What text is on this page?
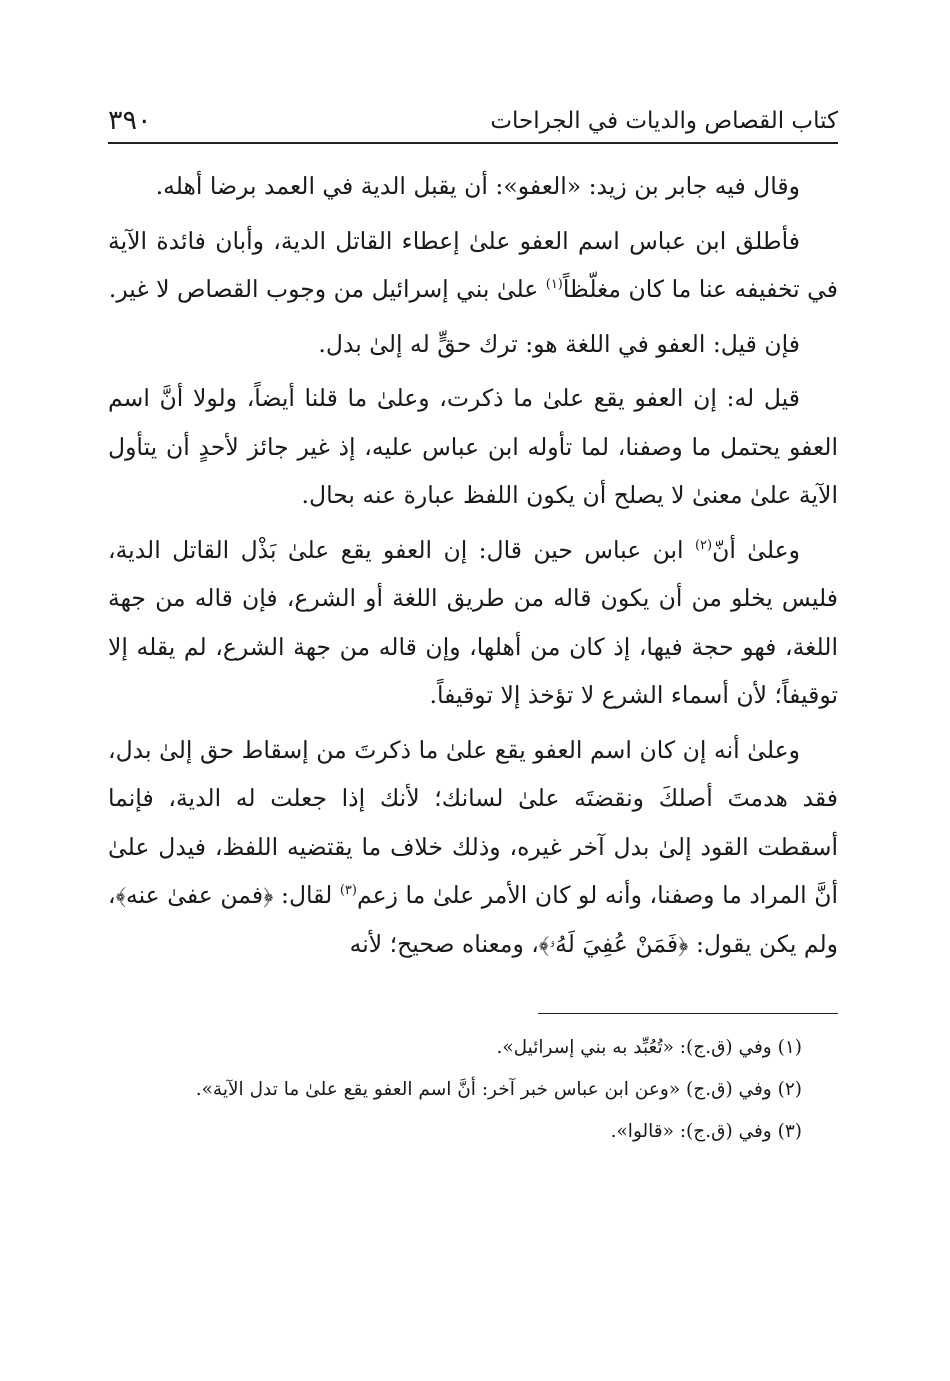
كتاب القصاص والديات في الجراحات
٣٩٠

وقال فيه جابر بن زيد: «العفو»: أن يقبل الدية في العمد برضا أهله.

فأطلق ابن عباس اسم العفو علىٰ إعطاء القاتل الدية، وأبان فائدة الآية في تخفيفه عنا ما كان مغلّظاً$^{(١)}$ علىٰ بني إسرائيل من وجوب القصاص لا غير.

فإن قيل: العفو في اللغة هو: ترك حقٍّ له إلىٰ بدل.

قيل له: إن العفو يقع علىٰ ما ذكرت، وعلىٰ ما قلنا أيضاً، ولولا أنَّ اسم العفو يحتمل ما وصفنا، لما تأوله ابن عباس عليه، إذ غير جائز لأحدٍ أن يتأول الآية علىٰ معنىٰ لا يصلح أن يكون اللفظ عبارة عنه بحال.

وعلىٰ أنّ$^{(٢)}$ ابن عباس حين قال: إن العفو يقع علىٰ بَذْل القاتل الدية، فليس يخلو من أن يكون قاله من طريق اللغة أو الشرع، فإن قاله من جهة اللغة، فهو حجة فيها، إذ كان من أهلها، وإن قاله من جهة الشرع، لم يقله إلا توقيفاً؛ لأن أسماء الشرع لا تؤخذ إلا توقيفاً.

وعلىٰ أنه إن كان اسم العفو يقع علىٰ ما ذكرتَ من إسقاط حق إلىٰ بدل، فقد هدمتَ أصلكَ ونقضتَه علىٰ لسانك؛ لأنك إذا جعلت له الدية، فإنما أسقطت القود إلىٰ بدل آخر غيره، وذلك خلاف ما يقتضيه اللفظ، فيدل علىٰ أنَّ المراد ما وصفنا، وأنه لو كان الأمر علىٰ ما زعم$^{(٣)}$ لقال: ﴿فمن عفىٰ عنه﴾، ولم يكن يقول: ﴿فَمَنْ عُفِيَ لَهُۥ﴾، ومعناه صحيح؛ لأنه

(١) وفي (ق.ج): «تُعُبِّد به بني إسرائيل».

(٢) وفي (ق.ج) «وعن ابن عباس خبر آخر: أنَّ اسم العفو يقع علىٰ ما تدل الآية».

(٣) وفي (ق.ج): «قالوا».
